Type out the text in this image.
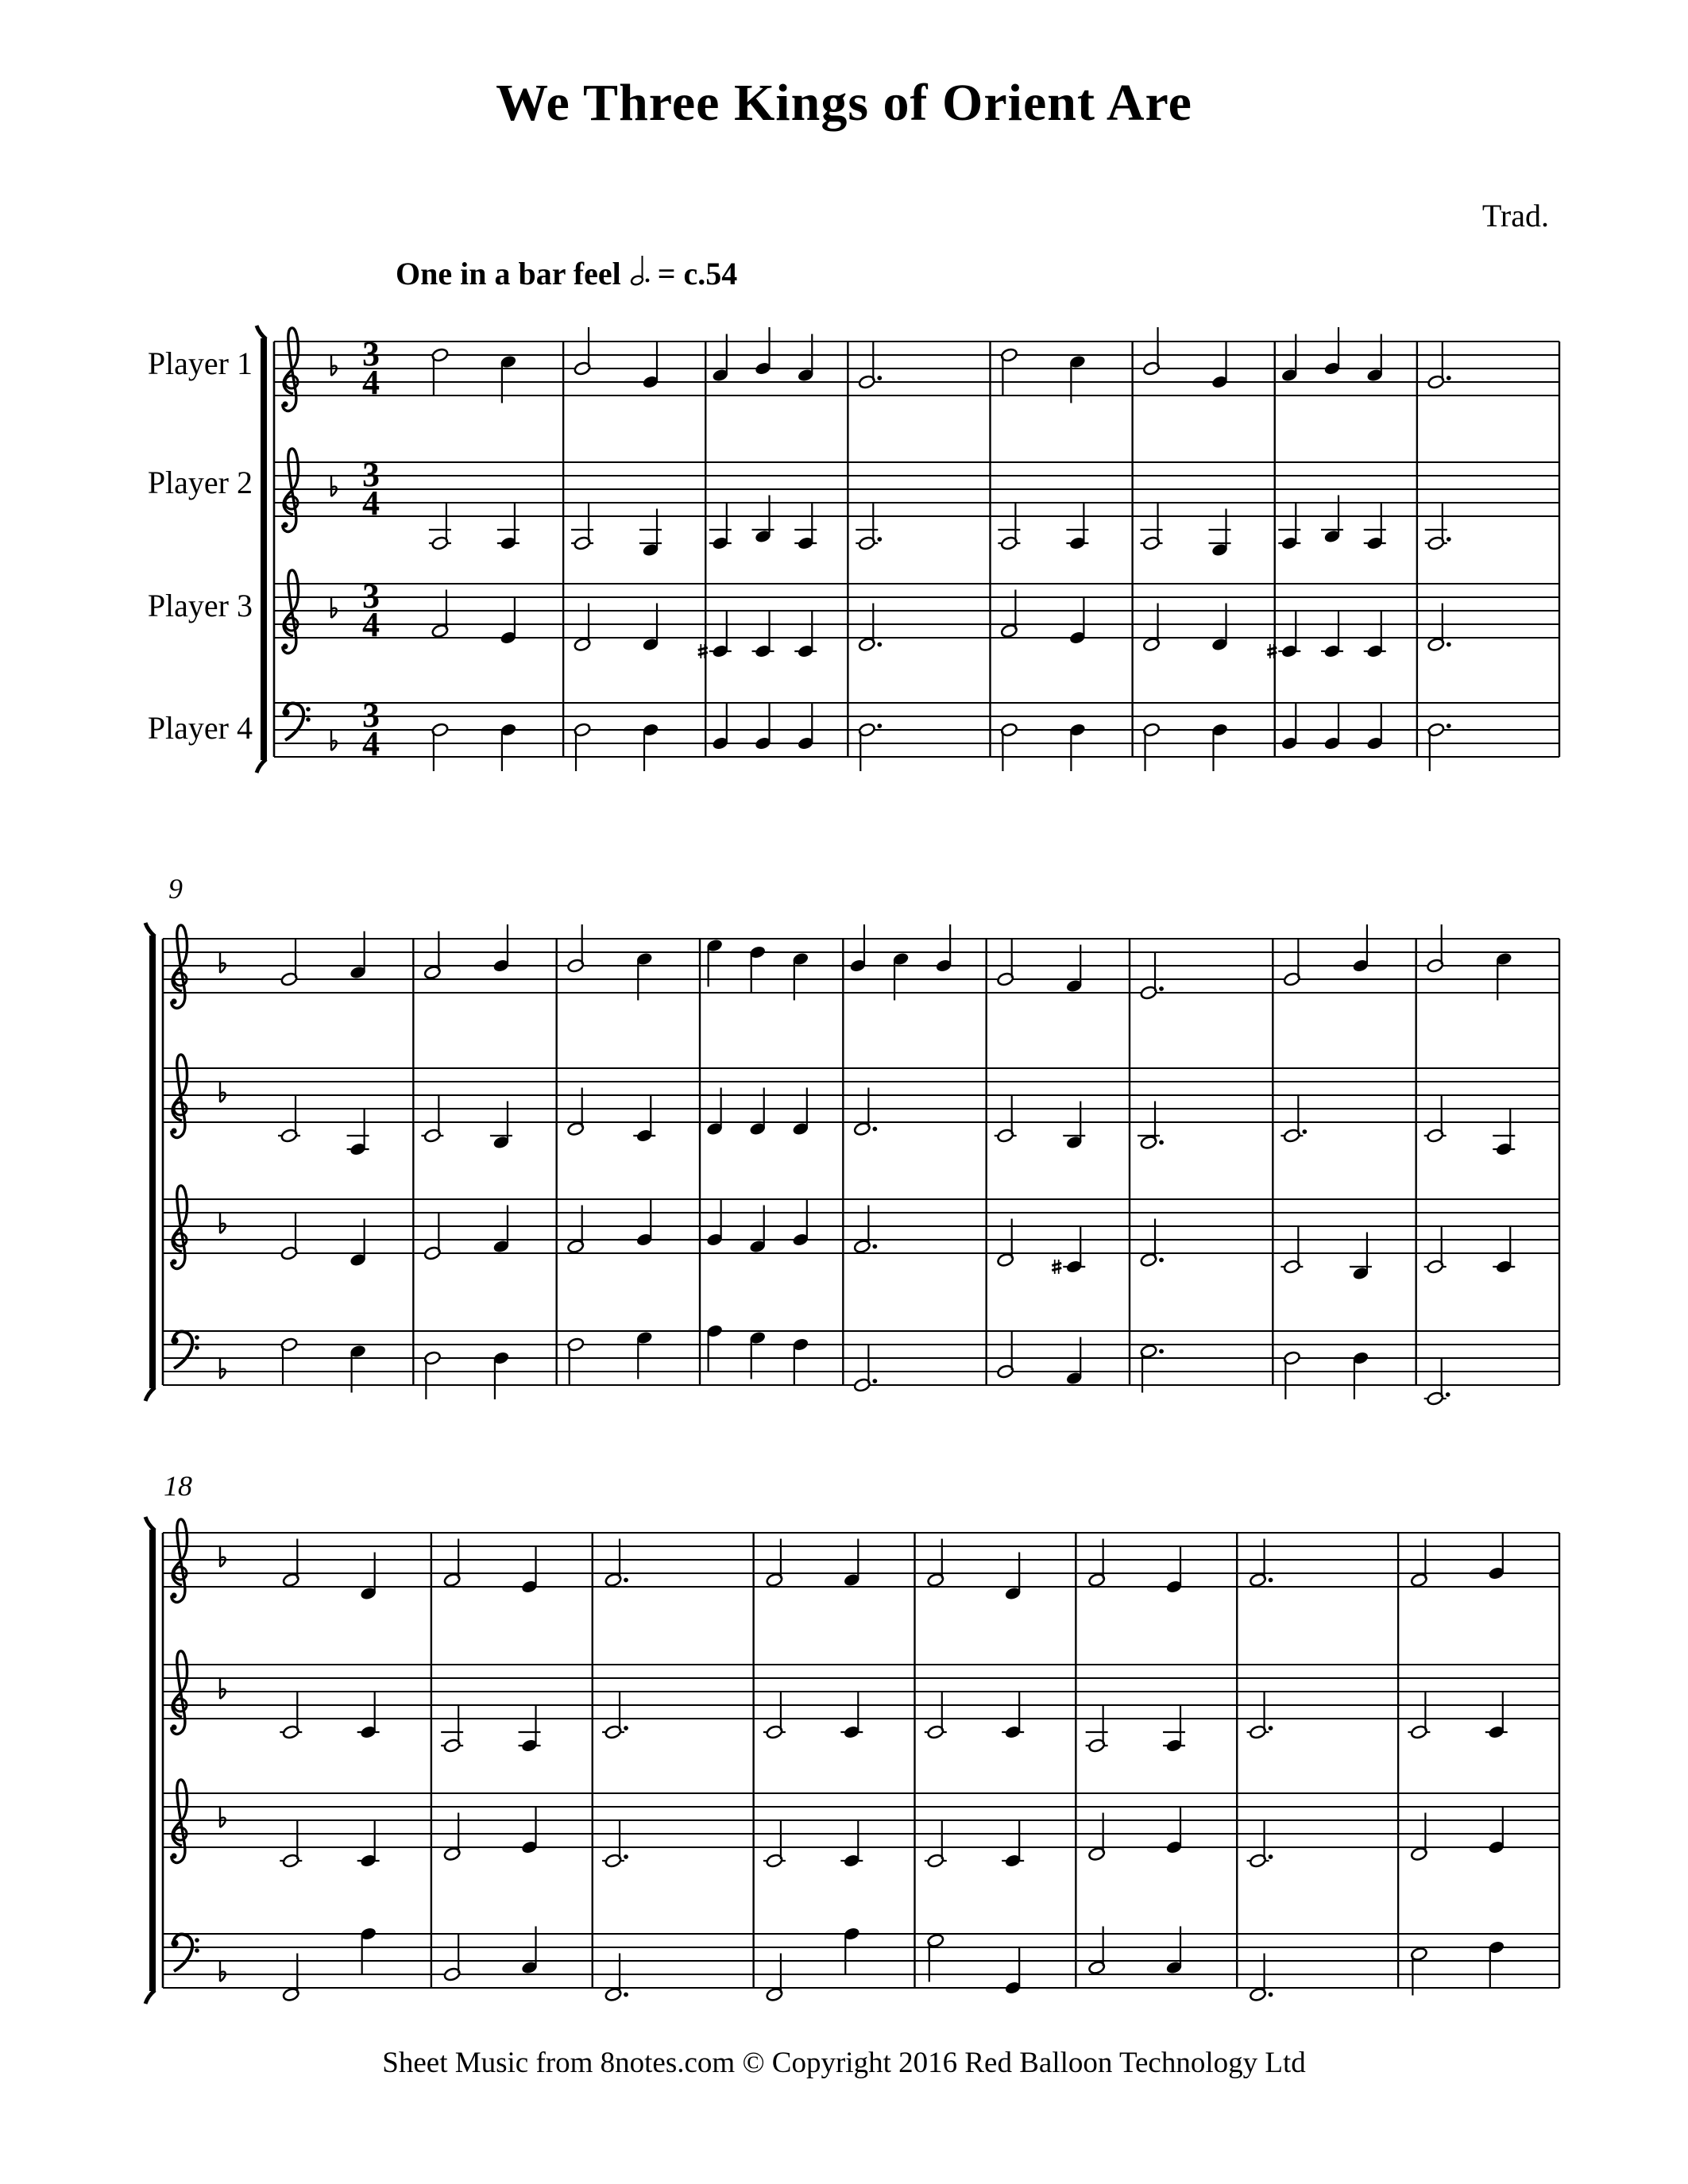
We Three Kings of Orient Are
Trad.
One in a bar feel = c.54
Player 1
Player 2
Player 3
Player 4
9
18
3
4
3
4
3
4
3
4
Sheet Music from 8notes.com © Copyright 2016 Red Balloon Technology Ltd
